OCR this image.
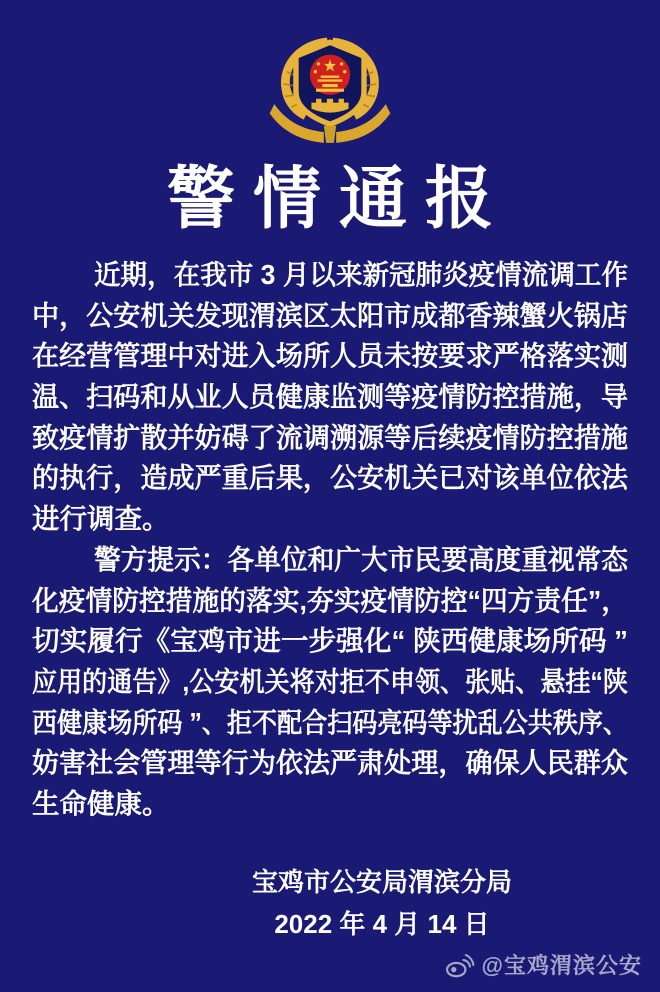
警情通报
近期，在我市 3 月以来新冠肺炎疫情流调工作
中，公安机关发现渭滨区太阳市成都香辣蟹火锅店
在经营管理中对进入场所人员未按要求严格落实测
温、扫码和从业人员健康监测等疫情防控措施，导
致疫情扩散并妨碍了流调溯源等后续疫情防控措施
的执行，造成严重后果，公安机关已对该单位依法
进行调查。
警方提示：各单位和广大市民要高度重视常态
化疫情防控措施的落实,夯实疫情防控“四方责任”，
切实履行《宝鸡市进一步强化“ 陕西健康场所码 ”
应用的通告》,公安机关将对拒不申领、张贴、悬挂“陕
西健康场所码 ”、拒不配合扫码亮码等扰乱公共秩序、
妨害社会管理等行为依法严肃处理，确保人民群众
生命健康。
宝鸡市公安局渭滨分局
2022 年 4 月 14 日
@宝鸡渭滨公安
